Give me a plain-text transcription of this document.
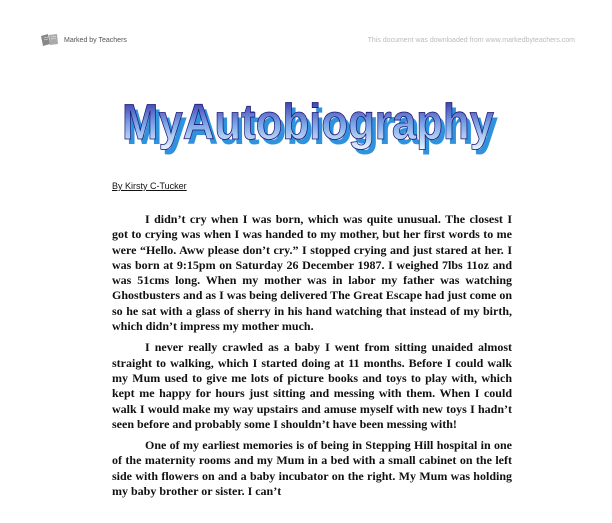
Marked by Teachers	This document was downloaded from www.markedbyteachers.com
MyAutobiography
MyAutobiography
By Kirsty C-Tucker

I didn’t cry when I was born, which was quite unusual. The closest I got to crying was when I was handed to my mother, but her first words to me were “Hello. Aww please don’t cry.” I stopped crying and just stared at her. I was born at 9:15pm on Saturday 26 December 1987. I weighed 7lbs 11oz and was 51cms long. When my mother was in labor my father was watching Ghostbusters and as I was being delivered The Great Escape had just come on so he sat with a glass of sherry in his hand watching that instead of my birth, which didn’t impress my mother much.

I never really crawled as a baby I went from sitting unaided almost straight to walking, which I started doing at 11 months. Before I could walk my Mum used to give me lots of picture books and toys to play with, which kept me happy for hours just sitting and messing with them. When I could walk I would make my way upstairs and amuse myself with new toys I hadn’t seen before and probably some I shouldn’t have been messing with!

One of my earliest memories is of being in Stepping Hill hospital in one of the maternity rooms and my Mum in a bed with a small cabinet on the left side with flowers on and a baby incubator on the right. My Mum was holding my baby brother or sister. I can’t
